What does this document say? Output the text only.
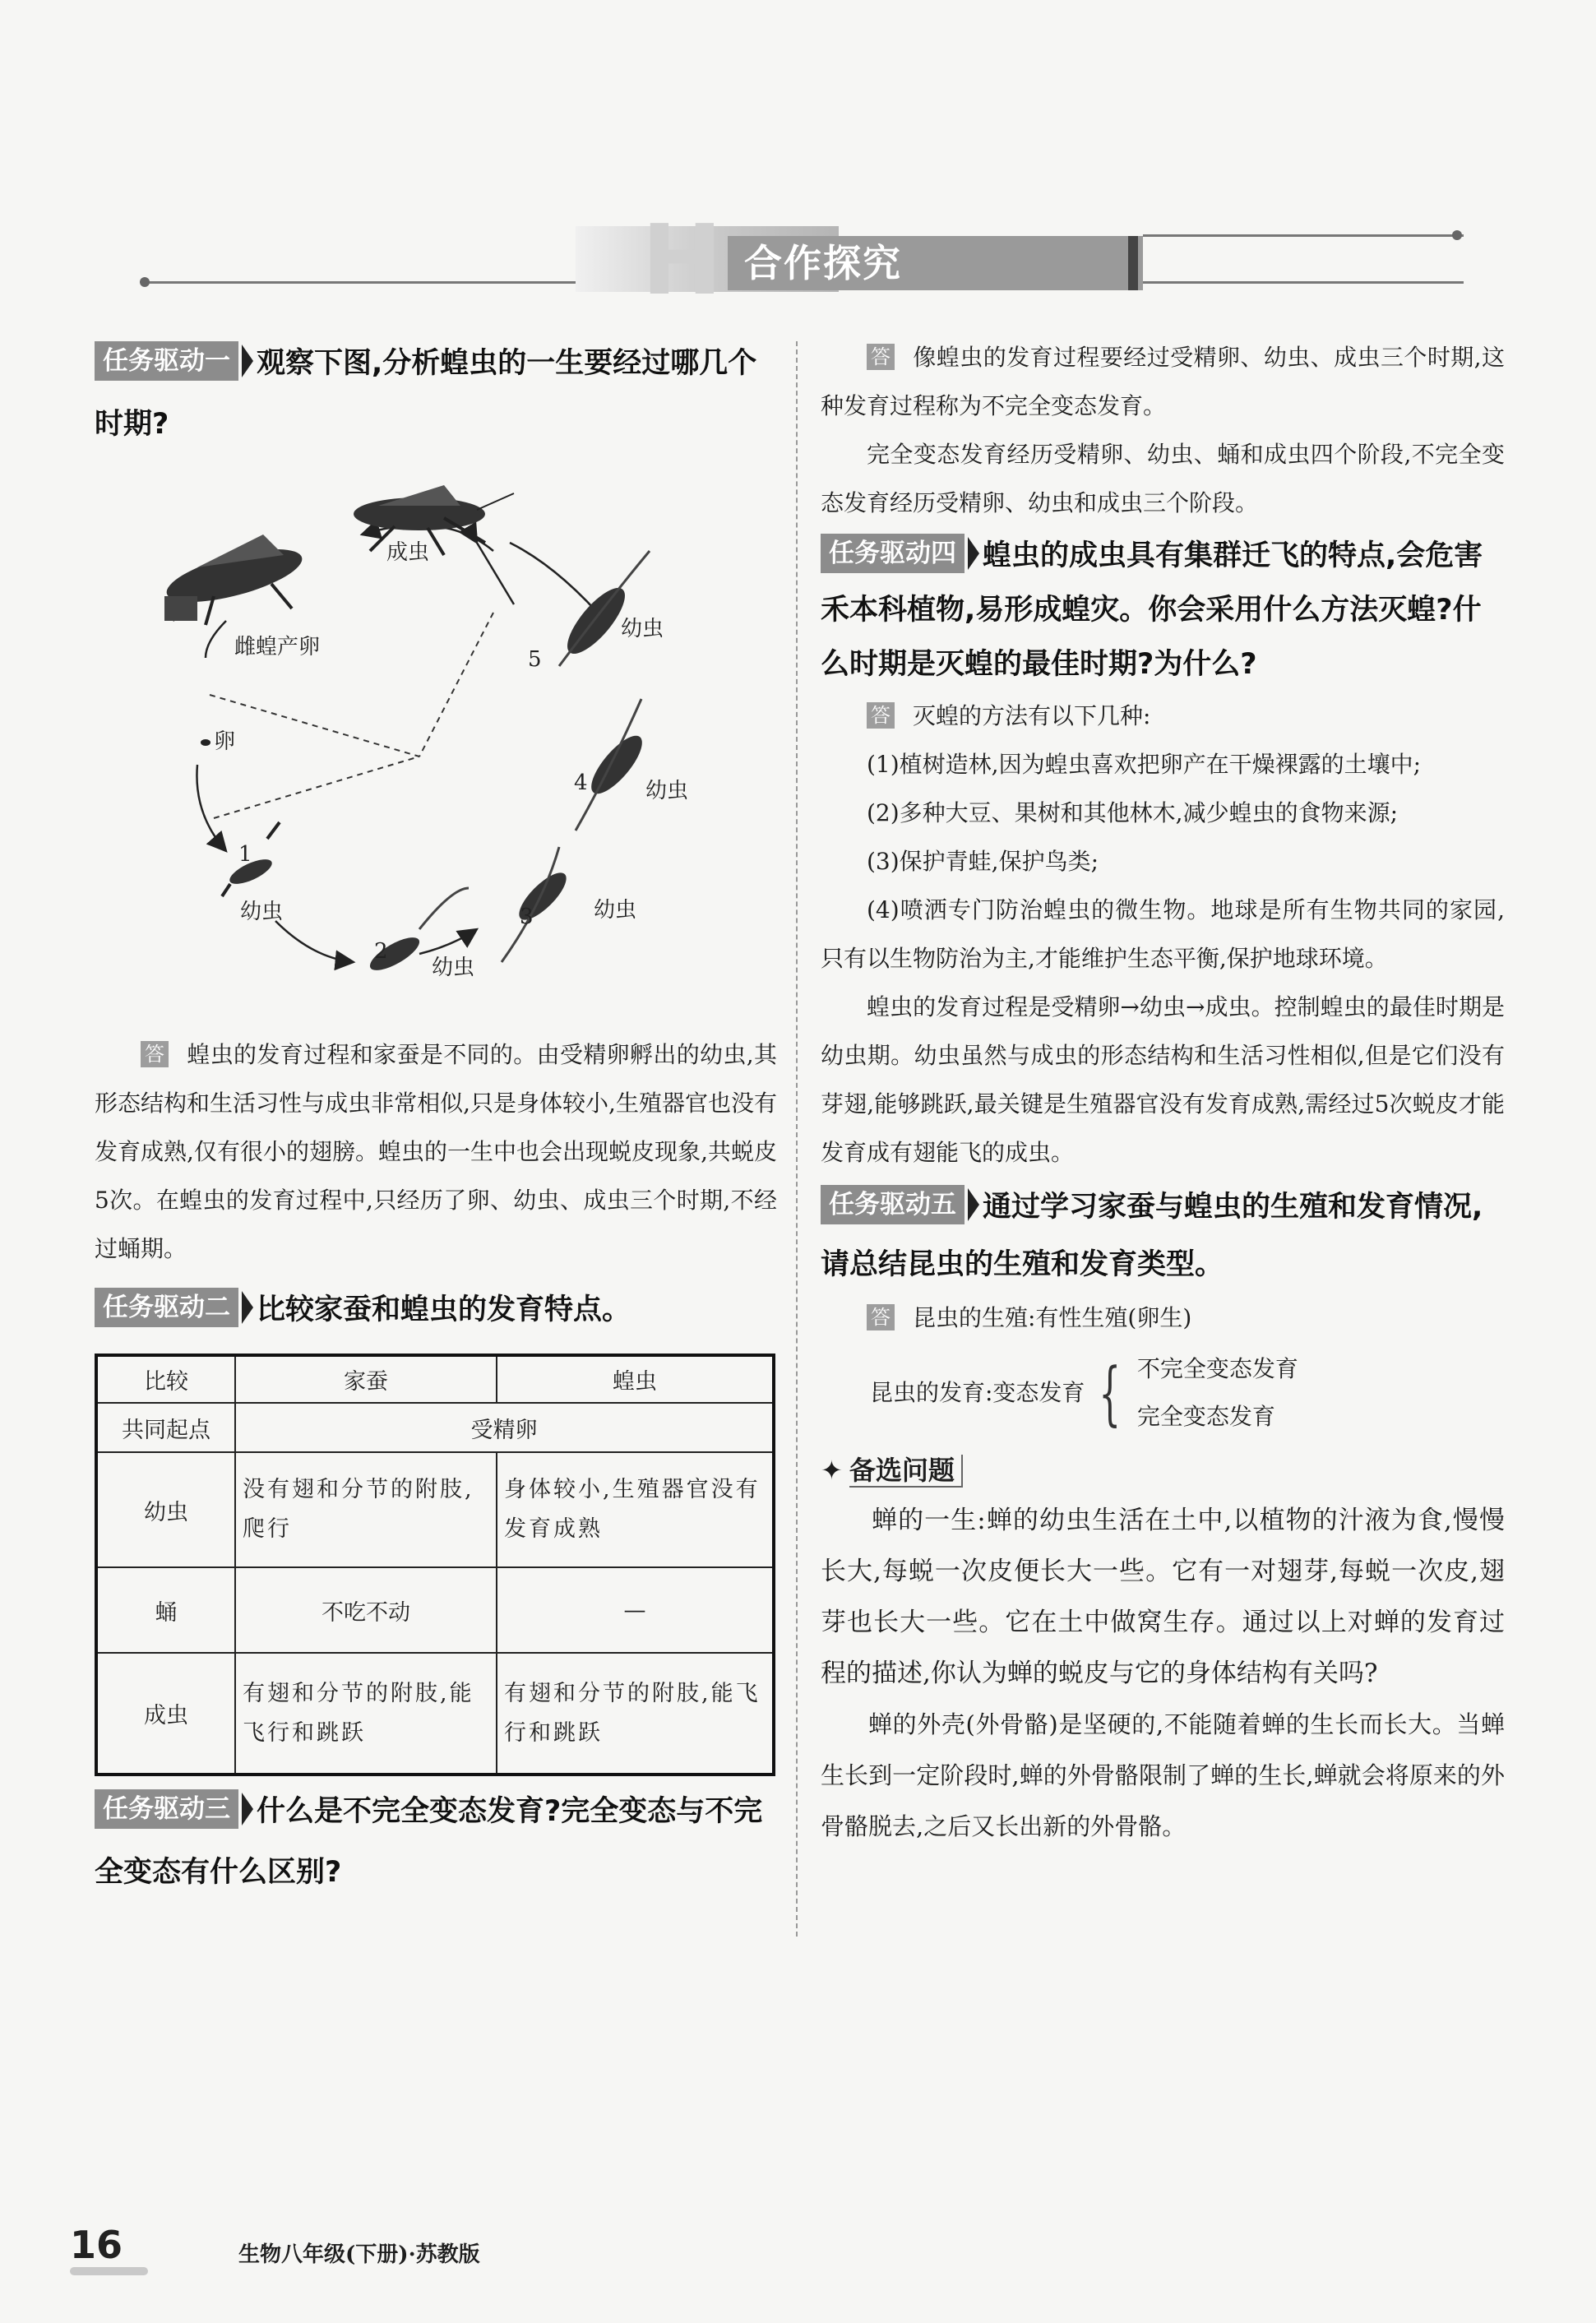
H 合作探究
任务驱动一 观察下图,分析蝗虫的一生要经过哪几个时期?

答 蝗虫的发育过程和家蚕是不同的。由受精卵孵出的幼虫,其形态结构和生活习性与成虫非常相似,只是身体较小,生殖器官也没有发育成熟,仅有很小的翅膀。蝗虫的一生中也会出现蜕皮现象,共蜕皮5次。在蝗虫的发育过程中,只经历了卵、幼虫、成虫三个时期,不经过蛹期。

任务驱动二 比较家蚕和蝗虫的发育特点。
比较	家蚕	蝗虫
共同起点	受精卵	
幼虫	没有翅和分节的附肢,爬行	身体较小,生殖器官没有发育成熟
蛹	不吃不动	—
成虫	有翅和分节的附肢,能飞行和跳跃	有翅和分节的附肢,能飞行和跳跃
任务驱动三 什么是不完全变态发育?完全变态与不完全变态有什么区别?
成虫
雌蝗产卵
卵
幼虫
幼虫
幼虫
幼虫
幼虫
1
2
3
4
5

答 像蝗虫的发育过程要经过受精卵、幼虫、成虫三个时期,这种发育过程称为不完全变态发育。

完全变态发育经历受精卵、幼虫、蛹和成虫四个阶段,不完全变态发育经历受精卵、幼虫和成虫三个阶段。

任务驱动四 蝗虫的成虫具有集群迁飞的特点,会危害禾本科植物,易形成蝗灾。你会采用什么方法灭蝗?什么时期是灭蝗的最佳时期?为什么?

答 灭蝗的方法有以下几种:

(1)植树造林,因为蝗虫喜欢把卵产在干燥裸露的土壤中;

(2)多种大豆、果树和其他林木,减少蝗虫的食物来源;

(3)保护青蛙,保护鸟类;

(4)喷洒专门防治蝗虫的微生物。地球是所有生物共同的家园,只有以生物防治为主,才能维护生态平衡,保护地球环境。

蝗虫的发育过程是受精卵→幼虫→成虫。控制蝗虫的最佳时期是幼虫期。幼虫虽然与成虫的形态结构和生活习性相似,但是它们没有芽翅,能够跳跃,最关键是生殖器官没有发育成熟,需经过5次蜕皮才能发育成有翅能飞的成虫。

任务驱动五 通过学习家蚕与蝗虫的生殖和发育情况,请总结昆虫的生殖和发育类型。

答 昆虫的生殖:有性生殖(卵生)

昆虫的发育:变态发育 { 不完全变态发育
完全变态发育
✦ 备选问题

蝉的一生:蝉的幼虫生活在土中,以植物的汁液为食,慢慢长大,每蜕一次皮便长大一些。它有一对翅芽,每蜕一次皮,翅芽也长大一些。它在土中做窝生存。通过以上对蝉的发育过程的描述,你认为蝉的蜕皮与它的身体结构有关吗?

蝉的外壳(外骨骼)是坚硬的,不能随着蝉的生长而长大。当蝉生长到一定阶段时,蝉的外骨骼限制了蝉的生长,蝉就会将原来的外骨骼脱去,之后又长出新的外骨骼。

16	生物八年级(下册)·苏教版
